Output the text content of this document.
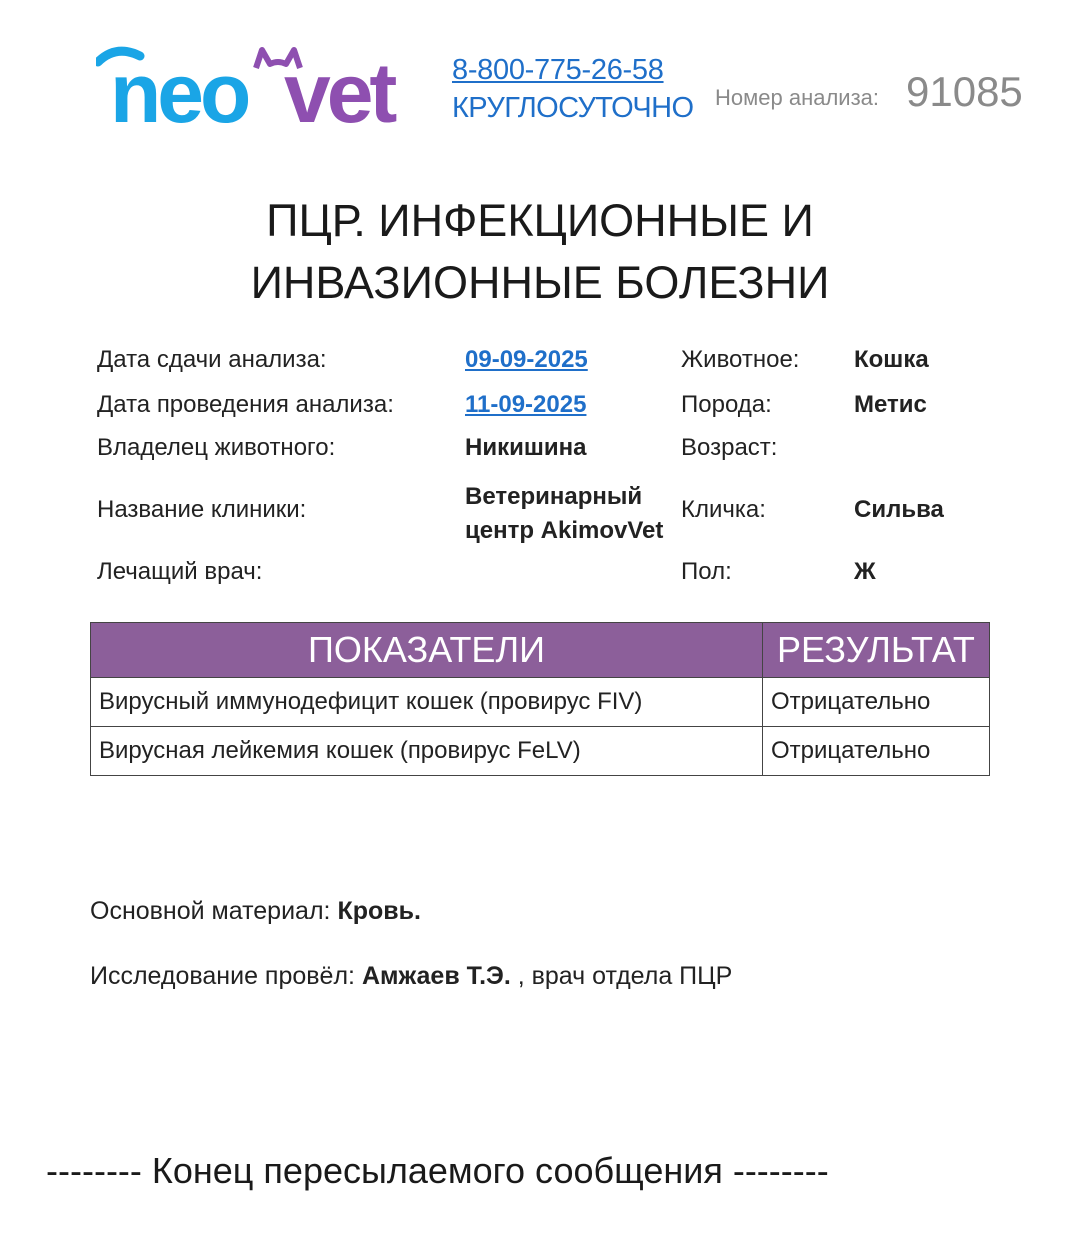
neo vet 8-800-775-26-58
КРУГЛОСУТОЧНО Номер анализа: 91085
ПЦР. ИНФЕКЦИОННЫЕ И
ИНВАЗИОННЫЕ БОЛЕЗНИ
Дата сдачи анализа:	09-09-2025
Дата проведения анализа:	11-09-2025
Владелец животного:	Никишина
Название клиники:	Ветеринарный
центр AkimovVet
Лечащий врач:
Животное: Кошка
Порода:	Метис
Возраст:
Кличка:	Сильва
Пол:	Ж
ПОКАЗАТЕЛИ	РЕЗУЛЬТАТ
Вирусный иммунодефицит кошек (провирус FIV)	Отрицательно
Вирусная лейкемия кошек (провирус FeLV)	Отрицательно
Основной материал: Кровь.
Исследование провёл: Амжаев Т.Э. , врач отдела ПЦР
-------- Конец пересылаемого сообщения --------
